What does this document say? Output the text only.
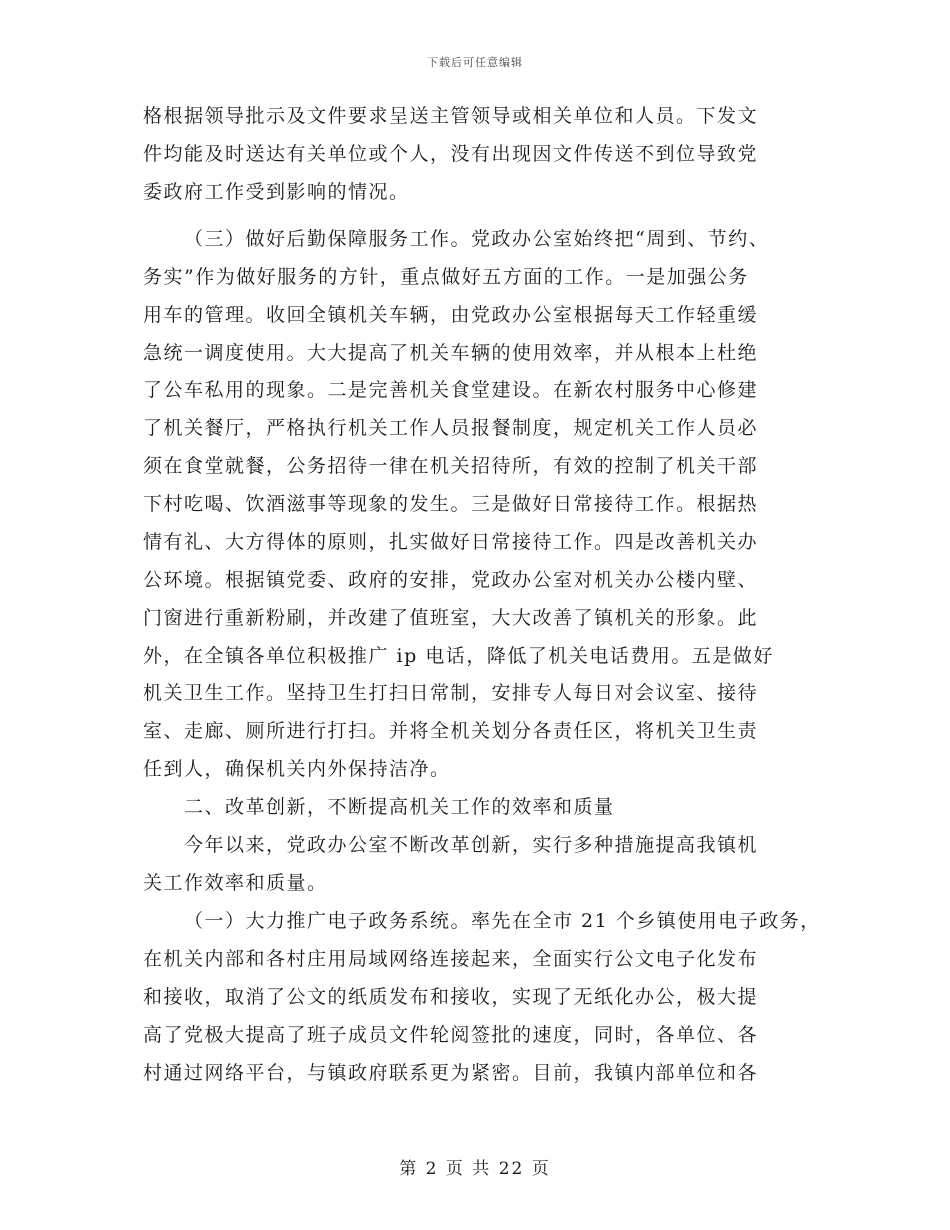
下载后可任意编辑
格根据领导批示及文件要求呈送主管领导或相关单位和人员。下发文
件均能及时送达有关单位或个人，没有出现因文件传送不到位导致党
委政府工作受到影响的情况。
（三）做好后勤保障服务工作。党政办公室始终把“周到、节约、
务实”作为做好服务的方针，重点做好五方面的工作。一是加强公务
用车的管理。收回全镇机关车辆，由党政办公室根据每天工作轻重缓
急统一调度使用。大大提高了机关车辆的使用效率，并从根本上杜绝
了公车私用的现象。二是完善机关食堂建设。在新农村服务中心修建
了机关餐厅，严格执行机关工作人员报餐制度，规定机关工作人员必
须在食堂就餐，公务招待一律在机关招待所，有效的控制了机关干部
下村吃喝、饮酒滋事等现象的发生。三是做好日常接待工作。根据热
情有礼、大方得体的原则，扎实做好日常接待工作。四是改善机关办
公环境。根据镇党委、政府的安排，党政办公室对机关办公楼内壁、
门窗进行重新粉刷，并改建了值班室，大大改善了镇机关的形象。此
外，在全镇各单位积极推广 ip 电话，降低了机关电话费用。五是做好
机关卫生工作。坚持卫生打扫日常制，安排专人每日对会议室、接待
室、走廊、厕所进行打扫。并将全机关划分各责任区，将机关卫生责
任到人，确保机关内外保持洁净。
二、改革创新，不断提高机关工作的效率和质量
今年以来，党政办公室不断改革创新，实行多种措施提高我镇机
关工作效率和质量。
（一）大力推广电子政务系统。率先在全市 21 个乡镇使用电子政务，
在机关内部和各村庄用局域网络连接起来，全面实行公文电子化发布
和接收，取消了公文的纸质发布和接收，实现了无纸化办公，极大提
高了党极大提高了班子成员文件轮阅签批的速度，同时，各单位、各
村通过网络平台，与镇政府联系更为紧密。目前，我镇内部单位和各
第 2 页 共 22 页
